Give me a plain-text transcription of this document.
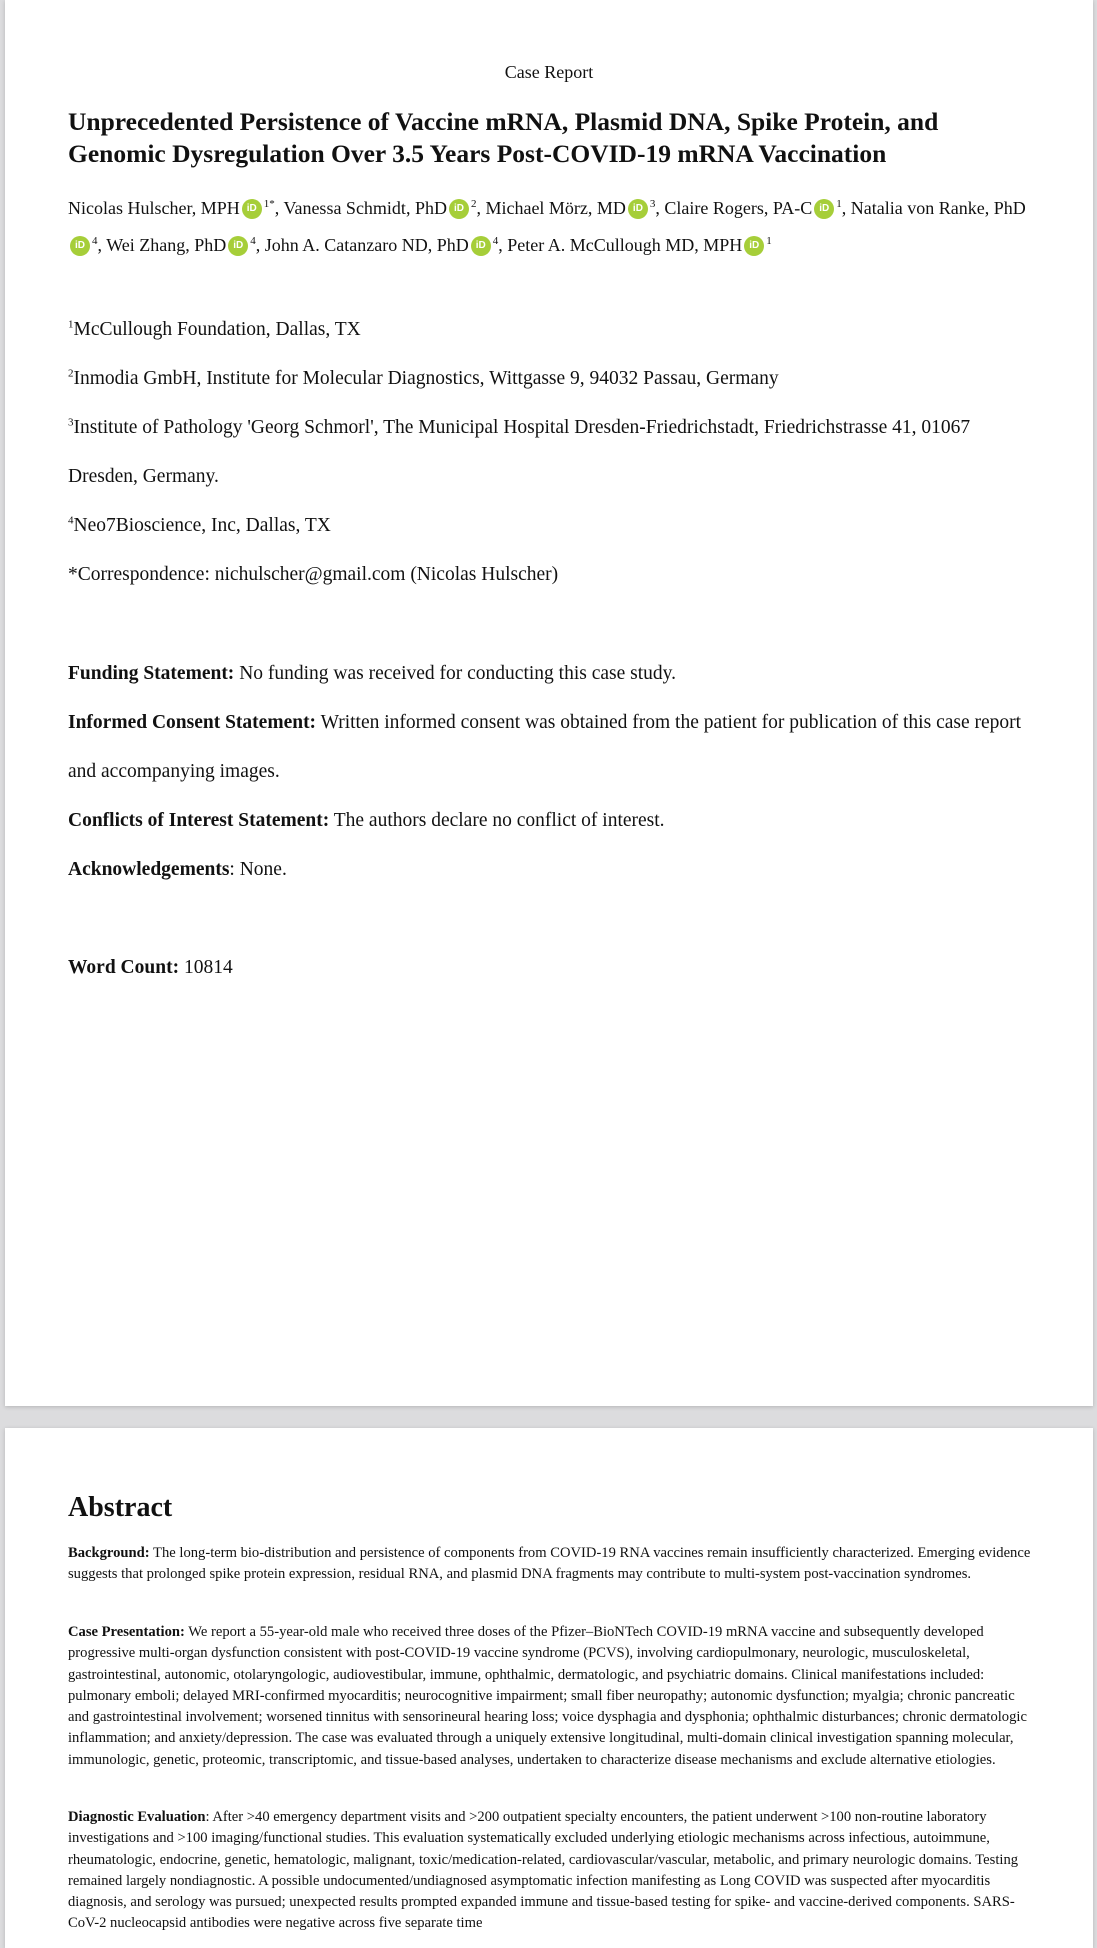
Case Report
Unprecedented Persistence of Vaccine mRNA, Plasmid DNA, Spike Protein, and Genomic Dysregulation Over 3.5 Years Post-COVID-19 mRNA Vaccination
Nicolas Hulscher, MPH iD $^{1*}$, Vanessa Schmidt, PhD iD $^2$, Michael Mörz, MD iD $^3$, Claire Rogers, PA-C iD $^1$, Natalia von Ranke, PhDiD $^4$, Wei Zhang, PhD iD $^4$, John A. Catanzaro ND, PhD iD $^4$, Peter A. McCullough MD, MPH iD $^1$
$^1$McCullough Foundation, Dallas, TX
$^2$Inmodia GmbH, Institute for Molecular Diagnostics, Wittgasse 9, 94032 Passau, Germany
$^3$Institute of Pathology 'Georg Schmorl', The Municipal Hospital Dresden-Friedrichstadt, Friedrichstrasse 41, 01067 Dresden, Germany.
$^4$Neo7Bioscience, Inc, Dallas, TX
*Correspondence: nichulscher@gmail.com (Nicolas Hulscher)
Funding Statement: No funding was received for conducting this case study.
Informed Consent Statement: Written informed consent was obtained from the patient for publication of this case report and accompanying images.
Conflicts of Interest Statement: The authors declare no conflict of interest.
Acknowledgements: None.
Word Count: 10814
Abstract
Background: The long-term bio-distribution and persistence of components from COVID-19 RNA vaccines remain insufficiently characterized. Emerging evidence suggests that prolonged spike protein expression, residual RNA, and plasmid DNA fragments may contribute to multi-system post-vaccination syndromes.
Case Presentation: We report a 55-year-old male who received three doses of the Pfizer–BioNTech COVID-19 mRNA vaccine and subsequently developed progressive multi-organ dysfunction consistent with post-COVID-19 vaccine syndrome (PCVS), involving cardiopulmonary, neurologic, musculoskeletal, gastrointestinal, autonomic, otolaryngologic, audiovestibular, immune, ophthalmic, dermatologic, and psychiatric domains. Clinical manifestations included: pulmonary emboli; delayed MRI-confirmed myocarditis; neurocognitive impairment; small fiber neuropathy; autonomic dysfunction; myalgia; chronic pancreatic and gastrointestinal involvement; worsened tinnitus with sensorineural hearing loss; voice dysphagia and dysphonia; ophthalmic disturbances; chronic dermatologic inflammation; and anxiety/depression. The case was evaluated through a uniquely extensive longitudinal, multi-domain clinical investigation spanning molecular, immunologic, genetic, proteomic, transcriptomic, and tissue-based analyses, undertaken to characterize disease mechanisms and exclude alternative etiologies.
Diagnostic Evaluation: After >40 emergency department visits and >200 outpatient specialty encounters, the patient underwent >100 non-routine laboratory investigations and >100 imaging/functional studies. This evaluation systematically excluded underlying etiologic mechanisms across infectious, autoimmune, rheumatologic, endocrine, genetic, hematologic, malignant, toxic/medication-related, cardiovascular/vascular, metabolic, and primary neurologic domains. Testing remained largely nondiagnostic. A possible undocumented/undiagnosed asymptomatic infection manifesting as Long COVID was suspected after myocarditis diagnosis, and serology was pursued; unexpected results prompted expanded immune and tissue-based testing for spike- and vaccine-derived components. SARS-CoV-2 nucleocapsid antibodies were negative across five separate time
